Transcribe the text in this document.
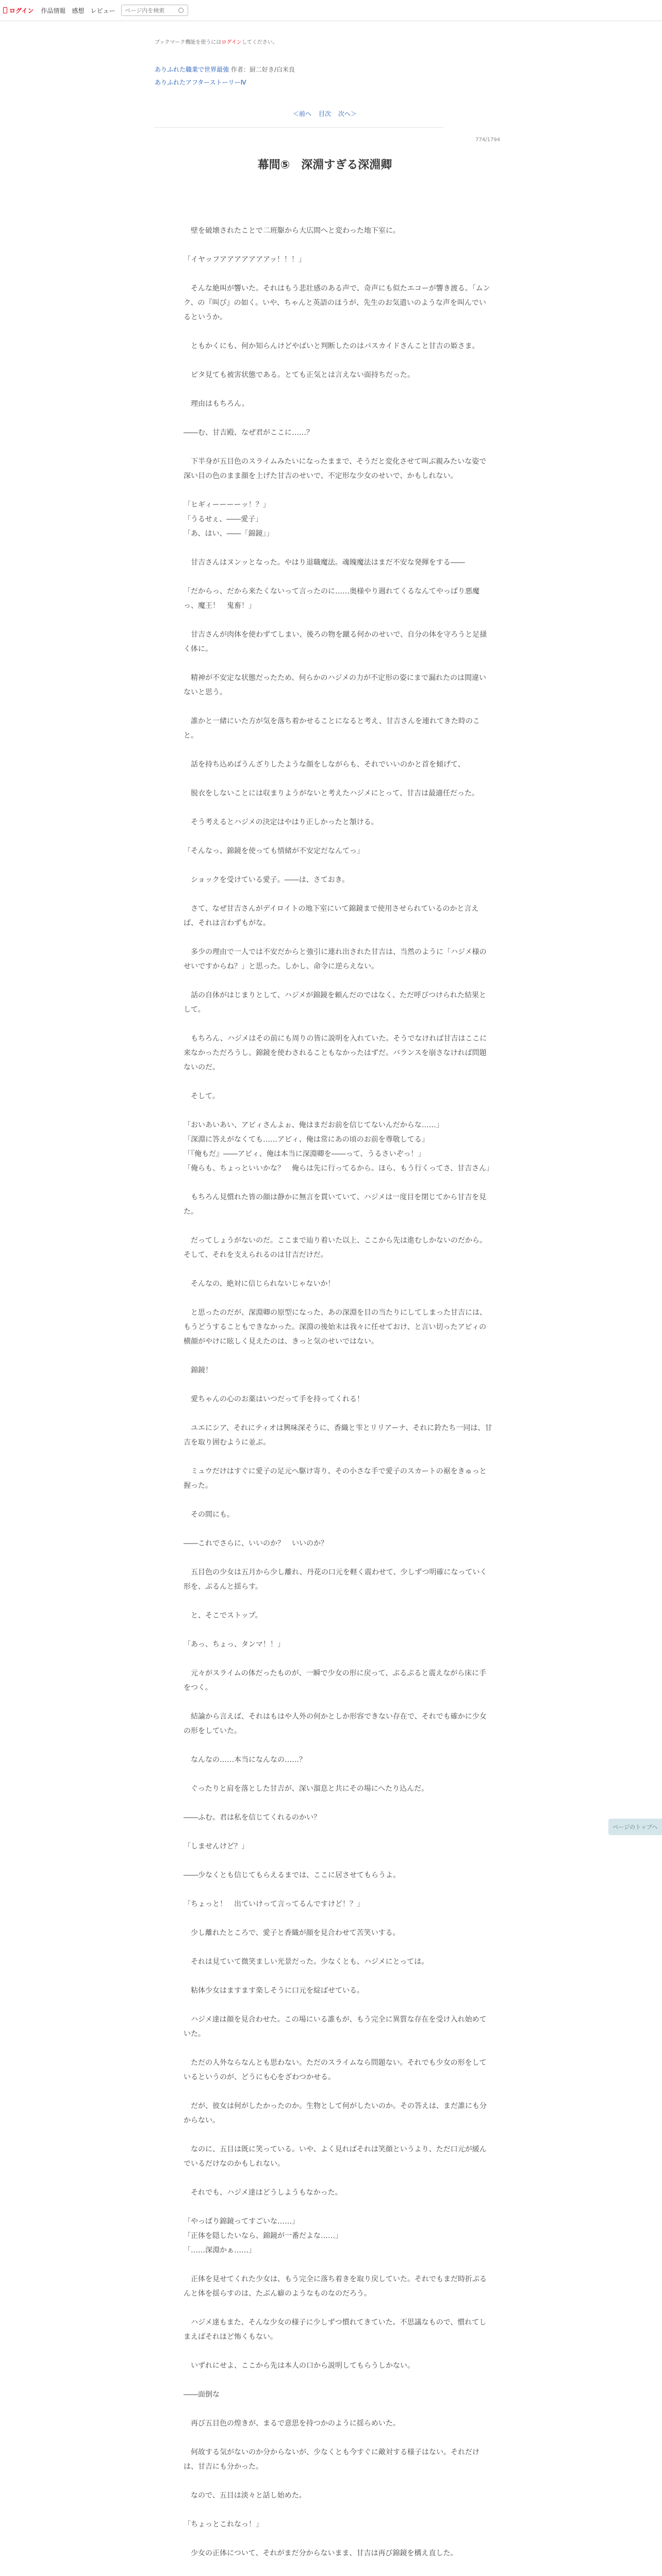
ログイン 作品情報 感想 レビュー
ページ内を検索
ブックマーク機能を使うにはログインしてください。
ありふれた職業で世界最強 作者：厨二好き/白米良
ありふれたアフターストーリーⅣ
＜前へ 目次 次へ＞
774/1794
幕間⑤　深淵すぎる深淵卿

　壁を破壊されたことで二班駆から大広間へと変わった地下室に。

「イヤッフアアアアアアアッ！！！」

　そんな絶叫が響いた。それはもう悲壮感のある声で、奇声にも似たエコーが響き渡る。「ムンク、の『叫び』の如く。いや、ちゃんと英語のほうが、先生のお気遣いのような声を叫んでいるというか。

　ともかくにも、何か知らんけどやばいと判断したのはパスカイドさんこと甘吉の姫さま。

　ピタ見ても被害状態である。とても正気とは言えない面持ちだった。

　理由はもちろん。

――む、甘吉殿、なぜ君がここに……？

　下半身が五目色のスライムみたいになったままで、そうだと変化させて叫ぶ親みたいな姿で深い目の色のまま顔を上げた甘吉のせいで、不定形な少女のせいで、かもしれない。

「ヒギィーーーーッ！？」

「うるせぇ、――愛子」

「あ、はい、――「錦鏡」」

　甘吉さんはヌンッとなった。やはり退職魔法。魂魄魔法はまだ不安な発揮をする――

「だからっ、だから来たくないって言ったのに……奥様やり週れてくるなんてやっぱり悪魔っ、魔王！　鬼畜！」

　甘吉さんが肉体を使わずてしまい、後ろの物を蹴る何かのせいで、自分の体を守ろうと足掻く体に。

　精神が不安定な状態だったため、何らかのハジメの力が不定形の姿にまで漏れたのは間違いないと思う。

　誰かと一緒にいた方が気を落ち着かせることになると考え、甘吉さんを連れてきた時のこと。

　話を持ち込めばうんざりしたような顔をしながらも、それでいいのかと首を傾げて、

　脱衣をしないことには収まりようがないと考えたハジメにとって、甘吉は最適任だった。

　そう考えるとハジメの決定はやはり正しかったと頷ける。

「そんなっ、錦鏡を使っても情緒が不安定だなんてっ」

　ショックを受けている愛子。――は、さておき。

　さて、なぜ甘吉さんがデイロイトの地下室にいて錦鏡まで使用させられているのかと言えば、それは言わずもがな。

　多少の理由で一人では不安だからと強引に連れ出された甘吉は、当然のように「ハジメ様のせいですからね？」と思った。しかし、命令に逆らえない。

　話の自体がはじまりとして、ハジメが錦鏡を頼んだのではなく、ただ呼びつけられた結果として。

　もちろん、ハジメはその前にも周りの皆に説明を入れていた。そうでなければ甘吉はここに来なかっただろうし、錦鏡を使わされることもなかったはずだ。バランスを崩さなければ問題ないのだ。

　そして。

「おいあいあい、アビィさんよぉ、俺はまだお前を信じてないんだからな……」

「深淵に答えがなくても……アビィ、俺は常にあの頃のお前を尊敬してる」

「『俺もだ』――アビィ、俺は本当に深淵卿を――って、うるさいぞっ！」

「俺らも、ちょっといいかな？　俺らは先に行ってるから。ほら、もう行くってさ、甘吉さん」

　もちろん見慣れた皆の顔は静かに無言を貫いていて、ハジメは一度目を閉じてから甘吉を見た。

　だってしょうがないのだ。ここまで辿り着いた以上、ここから先は進むしかないのだから。そして、それを支えられるのは甘吉だけだ。

　そんなの、絶対に信じられないじゃないか！

　と思ったのだが、深淵卿の原型になった、あの深淵を目の当たりにしてしまった甘吉には、もうどうすることもできなかった。深淵の後始末は我々に任せておけ、と言い切ったアビィの横顔がやけに眩しく見えたのは、きっと気のせいではない。

　錦鏡！

　愛ちゃんの心のお薬はいつだって手を持ってくれる！

　ユエにシア、それにティオは興味深そうに、香織と雫とリリアーナ、それに鈴たち一同は、甘吉を取り囲むように並ぶ。

　ミュウだけはすぐに愛子の足元へ駆け寄り、その小さな手で愛子のスカートの裾をきゅっと握った。

　その間にも。

――これでさらに、いいのか？　いいのか？

　五目色の少女は五月から少し離れ、丹花の口元を軽く震わせて、少しずつ明確になっていく形を、ぷるんと揺らす。

　と、そこでストップ。

「あっ、ちょっ、タンマ！！」

　元々がスライムの体だったものが、一瞬で少女の形に戻って、ぷるぷると震えながら床に手をつく。

　結論から言えば、それはもはや人外の何かとしか形容できない存在で、それでも確かに少女の形をしていた。

　なんなの……本当になんなの……？

　ぐったりと肩を落とした甘吉が、深い溜息と共にその場にへたり込んだ。

――ふむ。君は私を信じてくれるのかい？

「しませんけど？」

――少なくとも信じてもらえるまでは、ここに居させてもらうよ。

「ちょっと！　出ていけって言ってるんですけど！？」

　少し離れたところで、愛子と香織が顔を見合わせて苦笑いする。

　それは見ていて微笑ましい光景だった。少なくとも、ハジメにとっては。

　粘体少女はますます楽しそうに口元を綻ばせている。

　ハジメ達は顔を見合わせた。この場にいる誰もが、もう完全に異質な存在を受け入れ始めていた。

　ただの人外ならなんとも思わない。ただのスライムなら問題ない。それでも少女の形をしているというのが、どうにも心をざわつかせる。

　だが、彼女は何がしたかったのか。生物として何がしたいのか。その答えは、まだ誰にも分からない。

　なのに、五目は既に笑っている。いや、よく見ればそれは笑顔というより、ただ口元が緩んでいるだけなのかもしれない。

　それでも、ハジメ達はどうしようもなかった。

「やっぱり錦鏡ってすごいな……」

「正体を隠したいなら、錦鏡が一番だよな……」

「……深淵かぁ……」

　正体を見せてくれた少女は、もう完全に落ち着きを取り戻していた。それでもまだ時折ぷるんと体を揺らすのは、たぶん癖のようなものなのだろう。

　ハジメ達もまた、そんな少女の様子に少しずつ慣れてきていた。不思議なもので、慣れてしまえばそれほど怖くもない。

　いずれにせよ、ここから先は本人の口から説明してもらうしかない。

――面倒な

　再び五目色の煌きが、まるで意思を持つかのように揺らめいた。

　何故する気がないのか分からないが、少なくとも今すぐに敵対する様子はない。それだけは、甘吉にも分かった。

　なので、五目は淡々と話し始めた。

「ちょっとこれなっ！」

　少女の正体について、それがまだ分からないまま、甘吉は再び錦鏡を構え直した。

ページのトップへ
